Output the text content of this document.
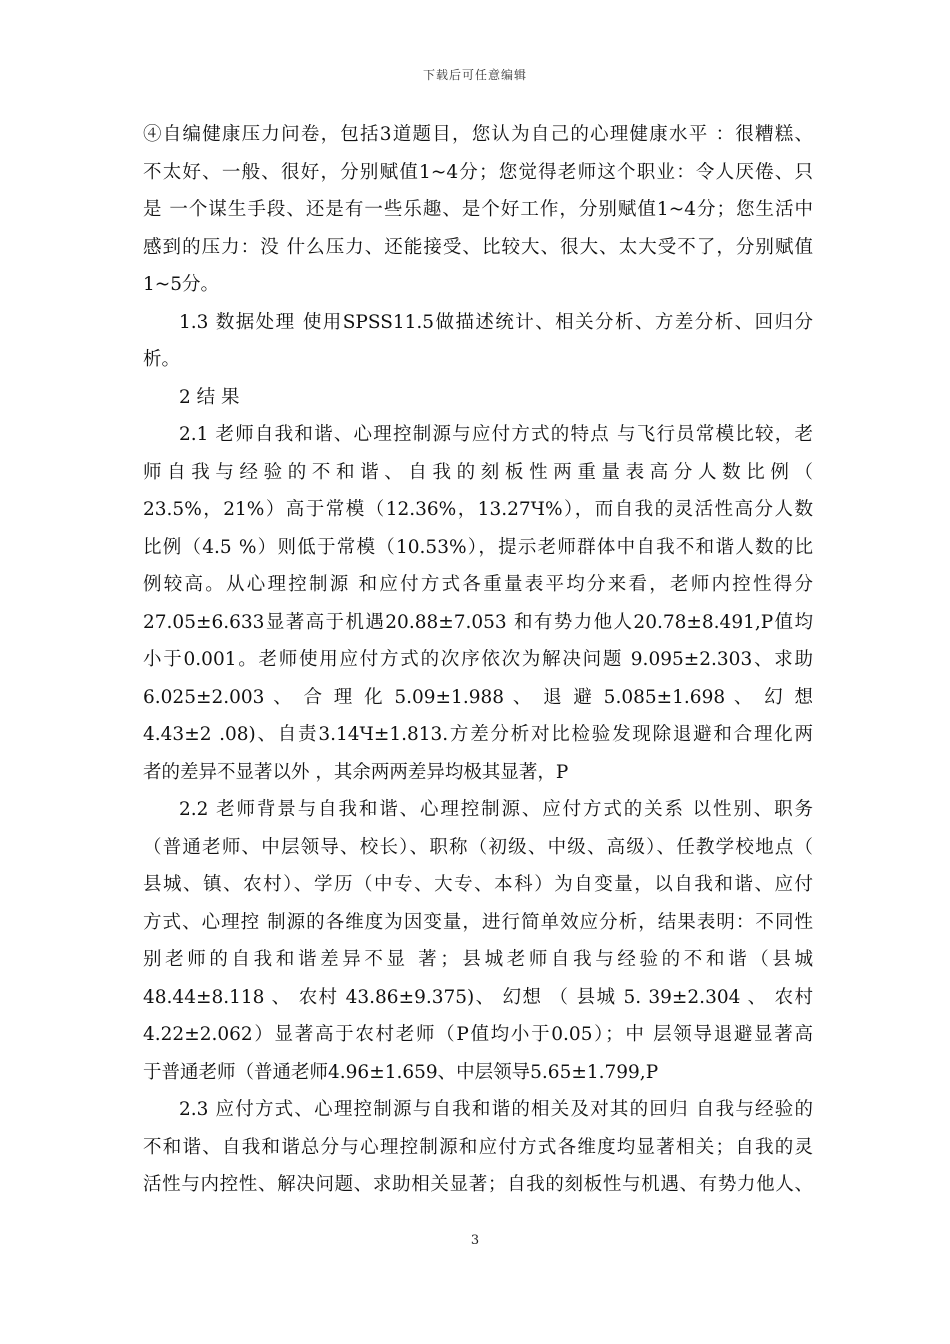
下载后可任意编辑
④自编健康压力问卷，包括3道题目，您认为自己的心理健康水平 ：很糟糕、
不太好、一般、很好，分别赋值1~4分；您觉得老师这个职业：令人厌倦、只
是 一个谋生手段、还是有一些乐趣、是个好工作，分别赋值1~4分；您生活中
感到的压力：没 什么压力、还能接受、比较大、很大、太大受不了，分别赋值
1~5分。
1.3 数据处理 使用SPSS11.5做描述统计、相关分析、方差分析、回归分
析。
2 结 果
2.1 老师自我和谐、心理控制源与应付方式的特点 与飞行员常模比较，老
师自我与经验的不和谐、自我的刻板性两重量表高分人数比例（
23.5%，21%）高于常模（12.36%，13.27Ч%），而自我的灵活性高分人数
比例（4.5 %）则低于常模（10.53%），提示老师群体中自我不和谐人数的比
例较高。从心理控制源 和应付方式各重量表平均分来看，老师内控性得分
27.05±6.633显著高于机遇20.88±7.053 和有势力他人20.78±8.491,P值均
小于0.001。老师使用应付方式的次序依次为解决问题 9.095±2.303、求助
6.025±2.003 、 合 理 化 5.09±1.988 、 退 避 5.085±1.698 、 幻 想
4.43±2 .08)、自责3.14Ч±1.813.方差分析对比检验发现除退避和合理化两
者的差异不显著以外 ，其余两两差异均极其显著，P
2.2 老师背景与自我和谐、心理控制源、应付方式的关系 以性别、职务
（普通老师、中层领导、校长）、职称（初级、中级、高级）、任教学校地点（
县城、镇、农村）、学历（中专、大专、本科）为自变量，以自我和谐、应付
方式、心理控 制源的各维度为因变量，进行简单效应分析，结果表明：不同性
别老师的自我和谐差异不显 著；县城老师自我与经验的不和谐（县城
48.44±8.118 、 农村 43.86±9.375)、 幻想 （ 县城 5. 39±2.304 、 农村
4.22±2.062）显著高于农村老师（P值均小于0.05）；中 层领导退避显著高
于普通老师（普通老师4.96±1.659、中层领导5.65±1.799,P
2.3 应付方式、心理控制源与自我和谐的相关及对其的回归 自我与经验的
不和谐、自我和谐总分与心理控制源和应付方式各维度均显著相关；自我的灵
活性与内控性、解决问题、求助相关显著；自我的刻板性与机遇、有势力他人、
3
